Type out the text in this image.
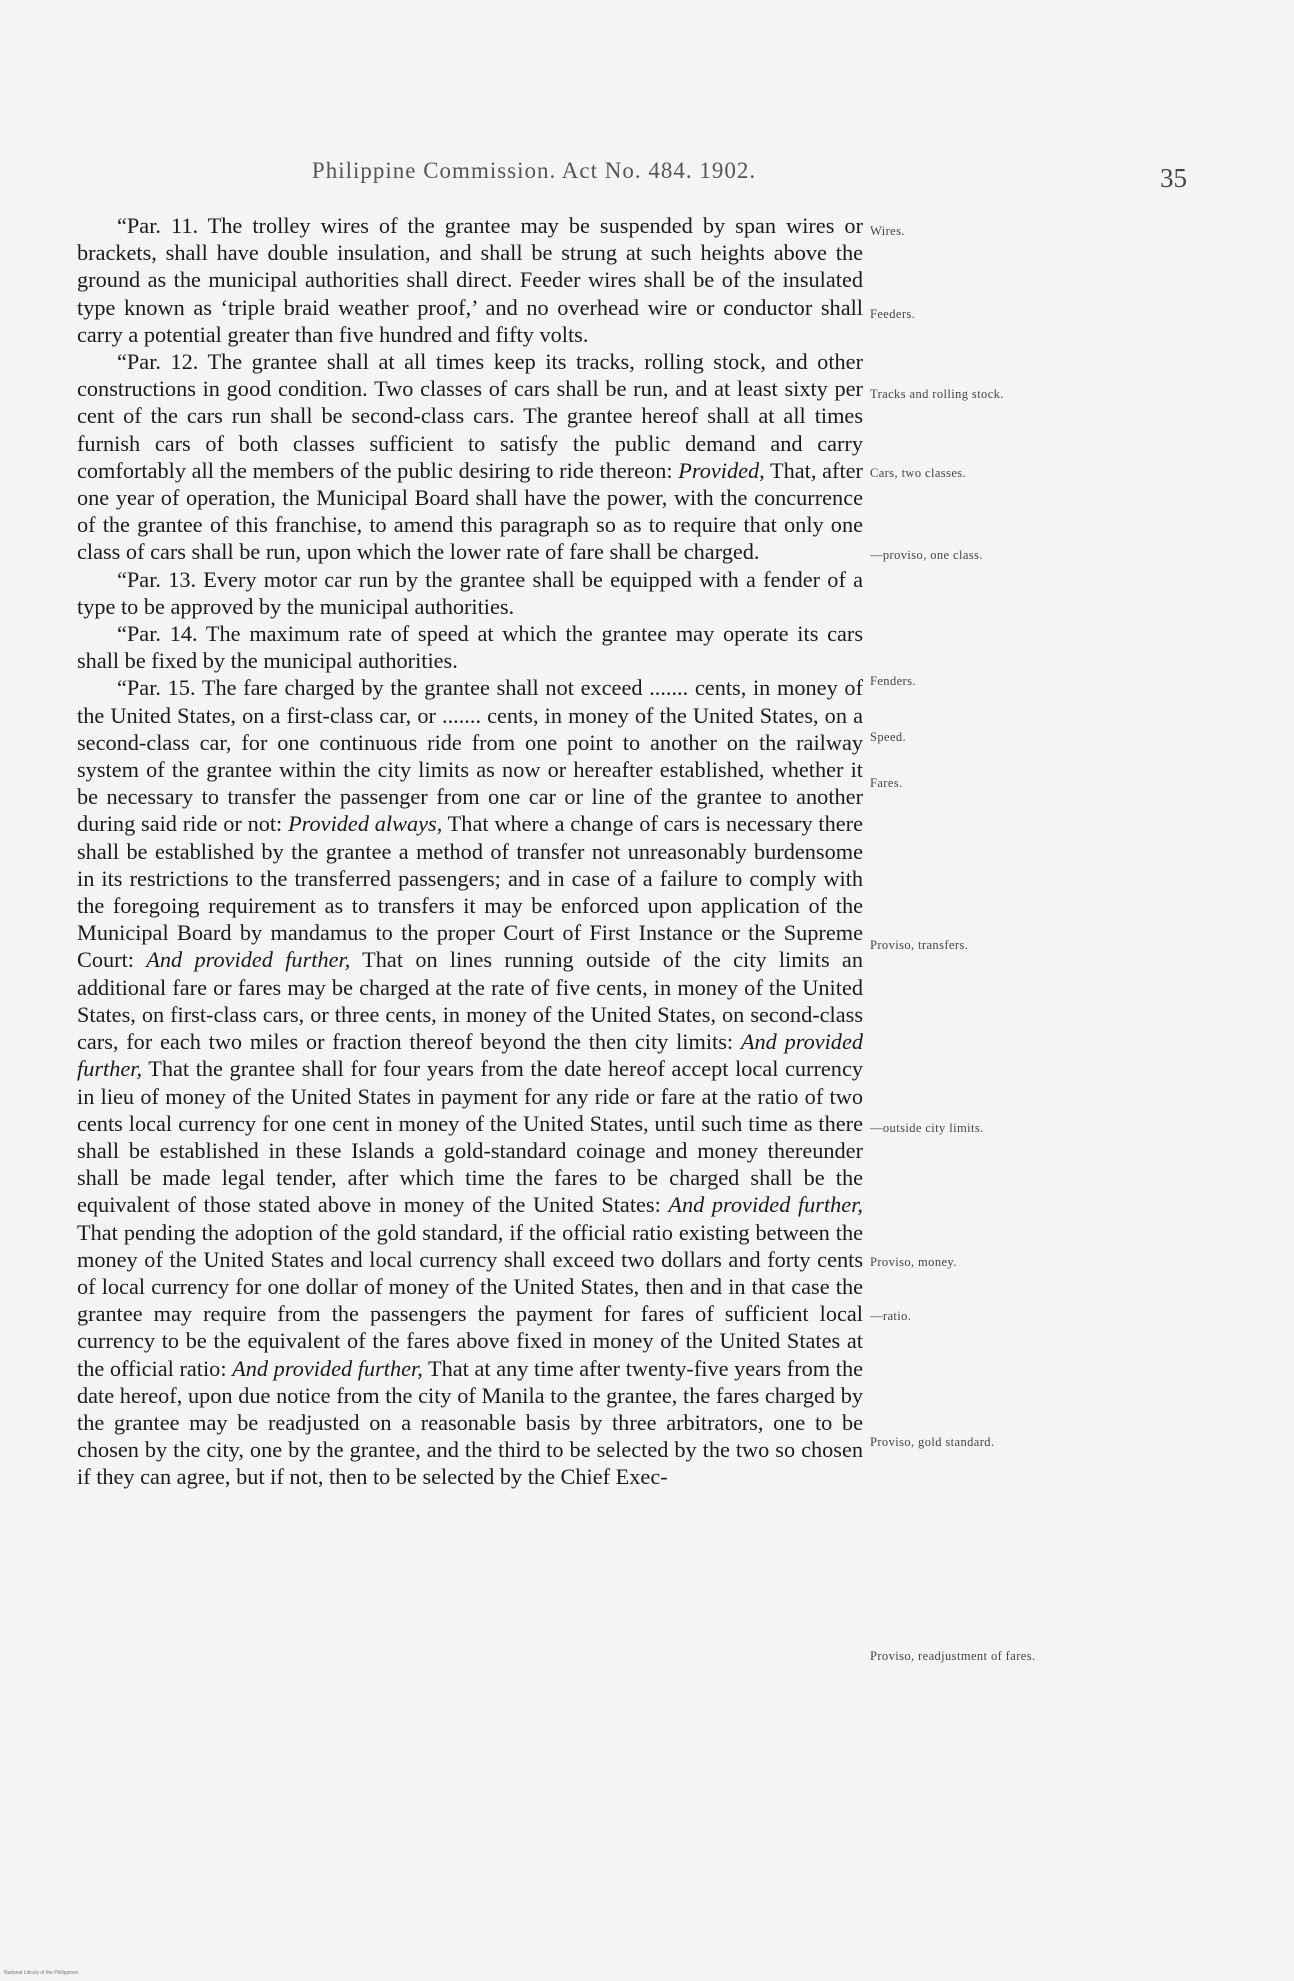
Philippine Commission. Act No. 484. 1902.	35

“Par. 11. The trolley wires of the grantee may be suspended by span wires or brackets, shall have double insulation, and shall be strung at such heights above the ground as the municipal authorities shall direct. Feeder wires shall be of the insulated type known as ‘triple braid weather proof,’ and no overhead wire or conductor shall carry a potential greater than five hundred and fifty volts.

“Par. 12. The grantee shall at all times keep its tracks, rolling stock, and other constructions in good condition. Two classes of cars shall be run, and at least sixty per cent of the cars run shall be second-class cars. The grantee hereof shall at all times furnish cars of both classes sufficient to satisfy the public demand and carry comfortably all the members of the public desiring to ride thereon: Provided, That, after one year of operation, the Municipal Board shall have the power, with the concurrence of the grantee of this franchise, to amend this paragraph so as to require that only one class of cars shall be run, upon which the lower rate of fare shall be charged.

“Par. 13. Every motor car run by the grantee shall be equipped with a fender of a type to be approved by the municipal authorities.

“Par. 14. The maximum rate of speed at which the grantee may operate its cars shall be fixed by the municipal authorities.

“Par. 15. The fare charged by the grantee shall not exceed ....... cents, in money of the United States, on a first-class car, or ....... cents, in money of the United States, on a second-class car, for one continuous ride from one point to another on the railway system of the grantee within the city limits as now or hereafter established, whether it be necessary to transfer the passenger from one car or line of the grantee to another during said ride or not: Provided always, That where a change of cars is necessary there shall be established by the grantee a method of transfer not unreasonably burdensome in its restrictions to the transferred passengers; and in case of a failure to comply with the foregoing requirement as to transfers it may be enforced upon application of the Municipal Board by mandamus to the proper Court of First Instance or the Supreme Court: And provided further, That on lines running outside of the city limits an additional fare or fares may be charged at the rate of five cents, in money of the United States, on first-class cars, or three cents, in money of the United States, on second-class cars, for each two miles or fraction thereof beyond the then city limits: And provided further, That the grantee shall for four years from the date hereof accept local currency in lieu of money of the United States in payment for any ride or fare at the ratio of two cents local currency for one cent in money of the United States, until such time as there shall be established in these Islands a gold-standard coinage and money thereunder shall be made legal tender, after which time the fares to be charged shall be the equivalent of those stated above in money of the United States: And provided further, That pending the adoption of the gold standard, if the official ratio existing between the money of the United States and local currency shall exceed two dollars and forty cents of local currency for one dollar of money of the United States, then and in that case the grantee may require from the passengers the payment for fares of sufficient local currency to be the equivalent of the fares above fixed in money of the United States at the official ratio: And provided further, That at any time after twenty-five years from the date hereof, upon due notice from the city of Manila to the grantee, the fares charged by the grantee may be readjusted on a reasonable basis by three arbitrators, one to be chosen by the city, one by the grantee, and the third to be selected by the two so chosen if they can agree, but if not, then to be selected by the Chief Exec-

Wires.
Feeders.
Tracks and rolling stock.
Cars, two classes.
—proviso, one class.
Fenders.
Speed.
Fares.
Proviso, transfers.
—outside city limits.
Proviso, money.
—ratio.
Proviso, gold standard.
Proviso, readjustment of fares.
National Library of the Philippines
